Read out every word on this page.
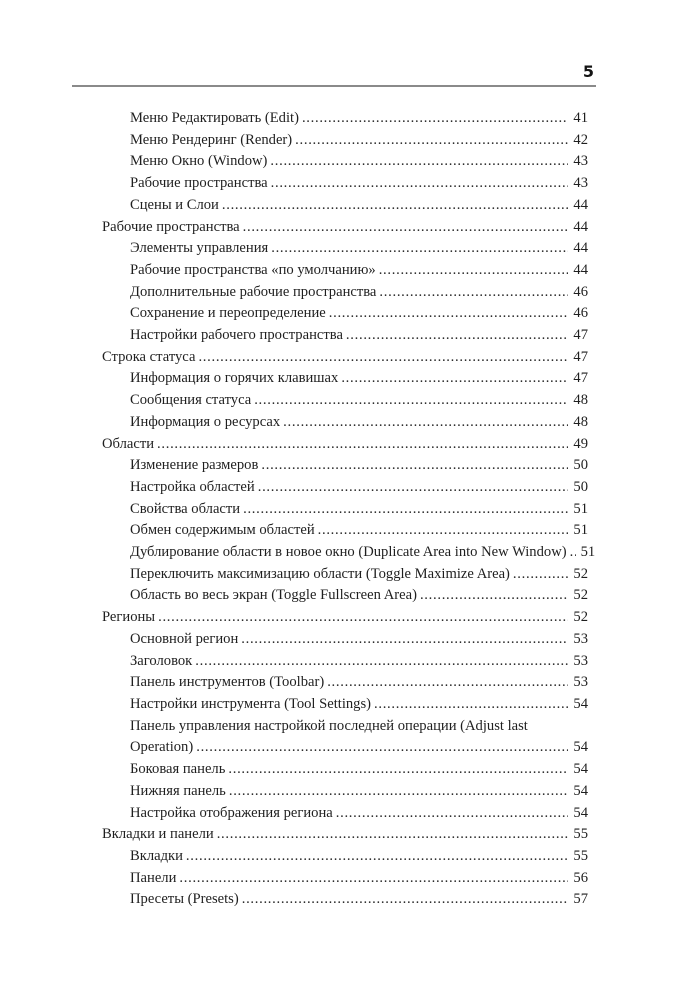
5
Меню Редактировать (Edit) .....	41
Меню Рендеринг (Render) .....	42
Меню Окно (Window) .....	43
Рабочие пространства .....	43
Сцены и Слои .....	44
Рабочие пространства .....	44
Элементы управления .....	44
Рабочие пространства «по умолчанию» .....	44
Дополнительные рабочие пространства .....	46
Сохранение и переопределение .....	46
Настройки рабочего пространства .....	47
Строка статуса .....	47
Информация о горячих клавишах .....	47
Сообщения статуса .....	48
Информация о ресурсах .....	48
Области .....	49
Изменение размеров .....	50
Настройка областей .....	50
Свойства области .....	51
Обмен содержимым областей .....	51
Дублирование области в новое окно (Duplicate Area into New Window) ..... 51
Переключить максимизацию области (Toggle Maximize Area) .....	52
Область во весь экран (Toggle Fullscreen Area) .....	52
Регионы .....	52
Основной регион .....	53
Заголовок .....	53
Панель инструментов (Toolbar) .....	53
Настройки инструмента (Tool Settings) .....	54
Панель управления настройкой последней операции (Adjust last
Operation) .....	54
Боковая панель .....	54
Нижняя панель .....	54
Настройка отображения региона .....	54
Вкладки и панели .....	55
Вкладки .....	55
Панели .....	56
Пресеты (Presets) .....	57
